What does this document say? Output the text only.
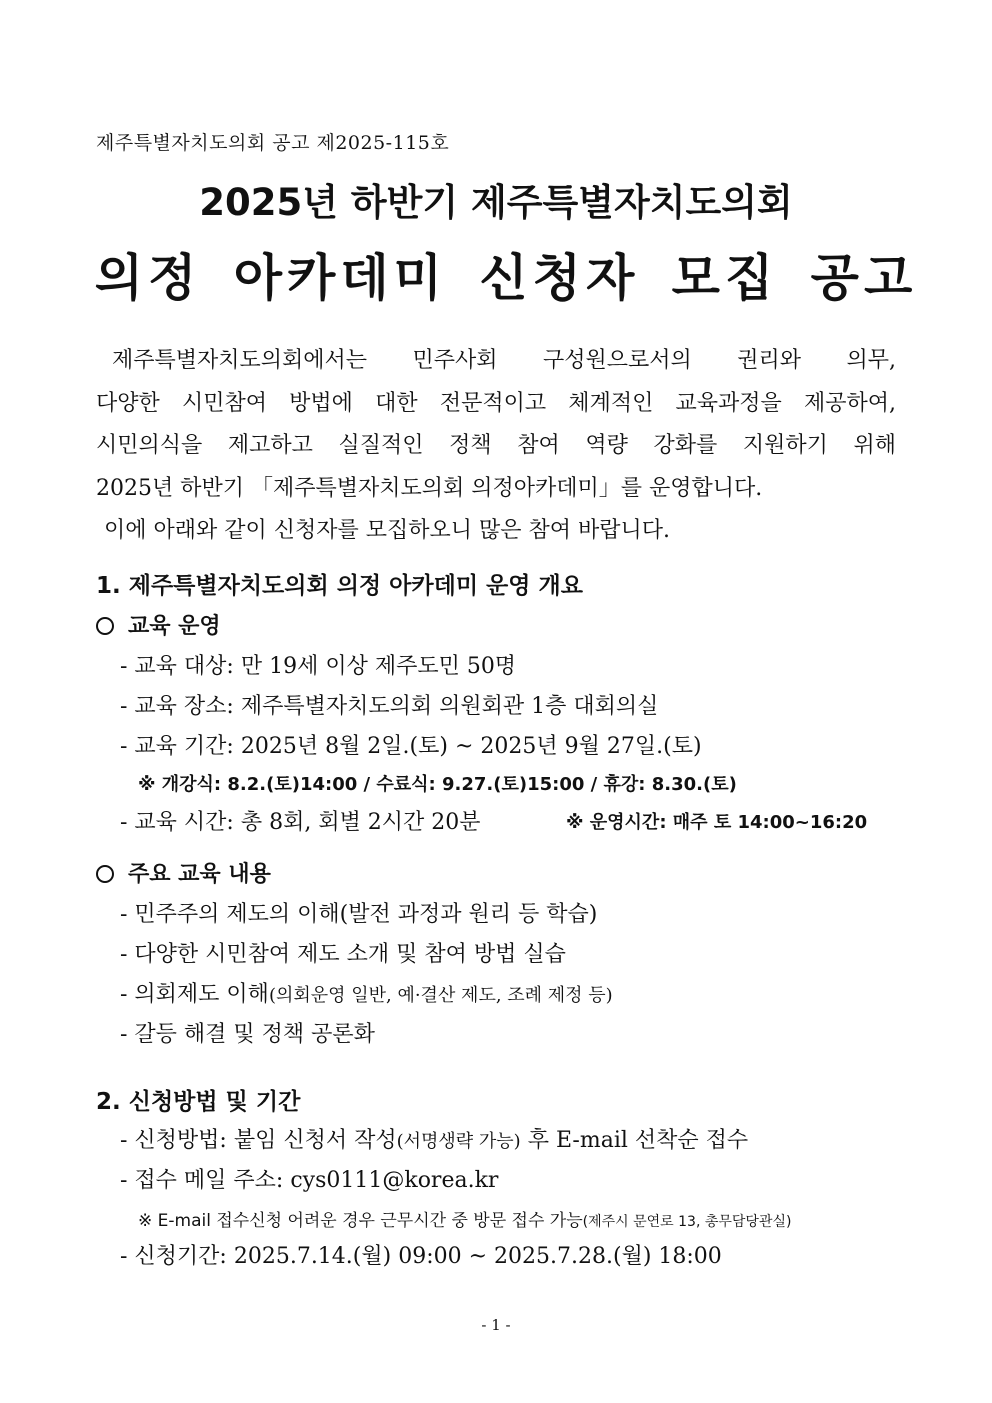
제주특별자치도의회 공고 제2025-115호
2025년 하반기 제주특별자치도의회
의정 아카데미 신청자 모집 공고

제주특별자치도의회에서는 민주사회 구성원으로서의 권리와 의무,

다양한 시민참여 방법에 대한 전문적이고 체계적인 교육과정을 제공하여,

시민의식을 제고하고 실질적인 정책 참여 역량 강화를 지원하기 위해

2025년 하반기 「제주특별자치도의회 의정아카데미」를 운영합니다.

이에 아래와 같이 신청자를 모집하오니 많은 참여 바랍니다.

1. 제주특별자치도의회 의정 아카데미 운영 개요
교육 운영
- 교육 대상: 만 19세 이상 제주도민 50명
- 교육 장소: 제주특별자치도의회 의원회관 1층 대회의실
- 교육 기간: 2025년 8월 2일.(토) ~ 2025년 9월 27일.(토)
※ 개강식: 8.2.(토)14:00 / 수료식: 9.27.(토)15:00 / 휴강: 8.30.(토)
- 교육 시간: 총 8회, 회별 2시간 20분	※ 운영시간: 매주 토 14:00~16:20
주요 교육 내용
- 민주주의 제도의 이해(발전 과정과 원리 등 학습)
- 다양한 시민참여 제도 소개 및 참여 방법 실습
- 의회제도 이해(의회운영 일반, 예·결산 제도, 조례 제정 등)
- 갈등 해결 및 정책 공론화
2. 신청방법 및 기간
- 신청방법: 붙임 신청서 작성(서명생략 가능) 후 E-mail 선착순 접수
- 접수 메일 주소: cys0111@korea.kr
※ E-mail 접수신청 어려운 경우 근무시간 중 방문 접수 가능(제주시 문연로 13, 총무담당관실)
- 신청기간: 2025.7.14.(월) 09:00 ~ 2025.7.28.(월) 18:00
- 1 -
